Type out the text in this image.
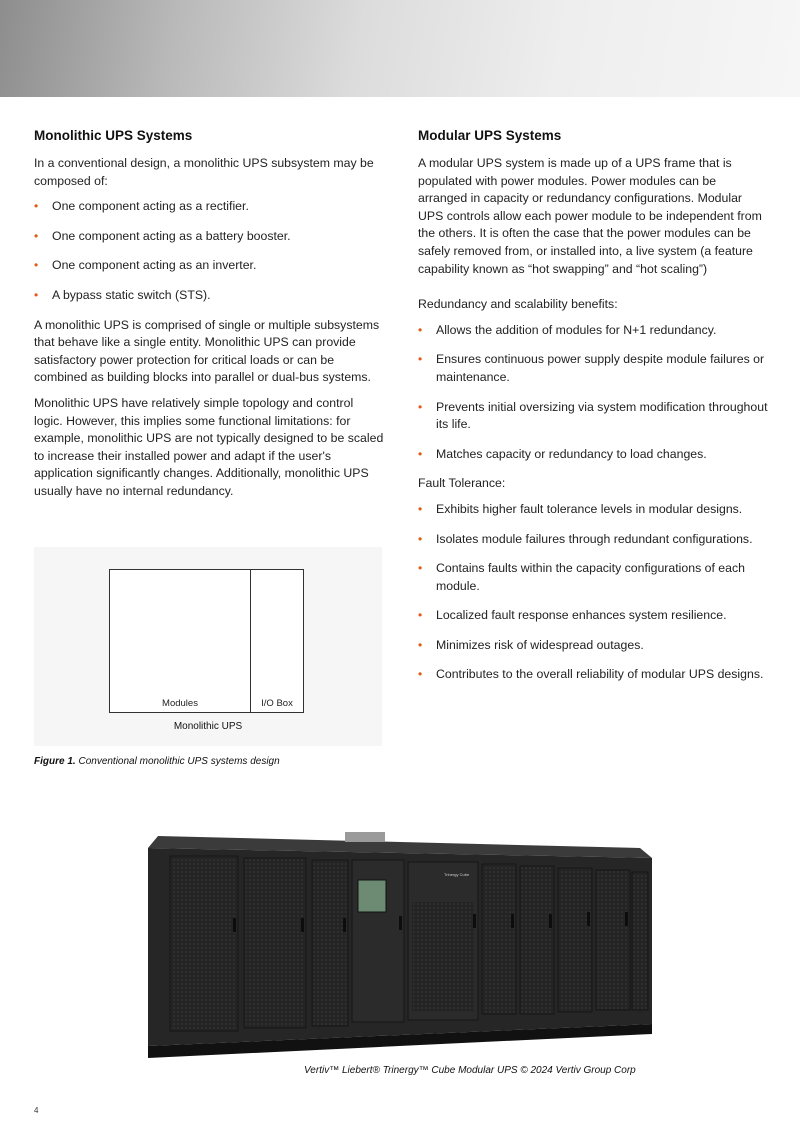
Monolithic UPS Systems

In a conventional design, a monolithic UPS subsystem may be composed of:

• One component acting as a rectifier.
• One component acting as a battery booster.
• One component acting as an inverter.
• A bypass static switch (STS).

A monolithic UPS is comprised of single or multiple subsystems that behave like a single entity. Monolithic UPS can provide satisfactory power protection for critical loads or can be combined as building blocks into parallel or dual-bus systems.

Monolithic UPS have relatively simple topology and control logic. However, this implies some functional limitations: for example, monolithic UPS are not typically designed to be scaled to increase their installed power and adapt if the user's application significantly changes. Additionally, monolithic UPS usually have no internal redundancy.

Modular UPS Systems

A modular UPS system is made up of a UPS frame that is populated with power modules. Power modules can be arranged in capacity or redundancy configurations. Modular UPS controls allow each power module to be independent from the others. It is often the case that the power modules can be safely removed from, or installed into, a live system (a feature capability known as “hot swapping” and “hot scaling”)

Redundancy and scalability benefits:

• Allows the addition of modules for N+1 redundancy.
• Ensures continuous power supply despite module failures or maintenance.
• Prevents initial oversizing via system modification throughout its life.
• Matches capacity or redundancy to load changes.

Fault Tolerance:

• Exhibits higher fault tolerance levels in modular designs.
• Isolates module failures through redundant configurations.
• Contains faults within the capacity configurations of each module.
• Localized fault response enhances system resilience.
• Minimizes risk of widespread outages.
• Contributes to the overall reliability of modular UPS designs.
Modules	I/O Box
Monolithic UPS
Figure 1. Conventional monolithic UPS systems design
Trinergy Cube
Vertiv™ Liebert® Trinergy™ Cube Modular UPS © 2024 Vertiv Group Corp
4
